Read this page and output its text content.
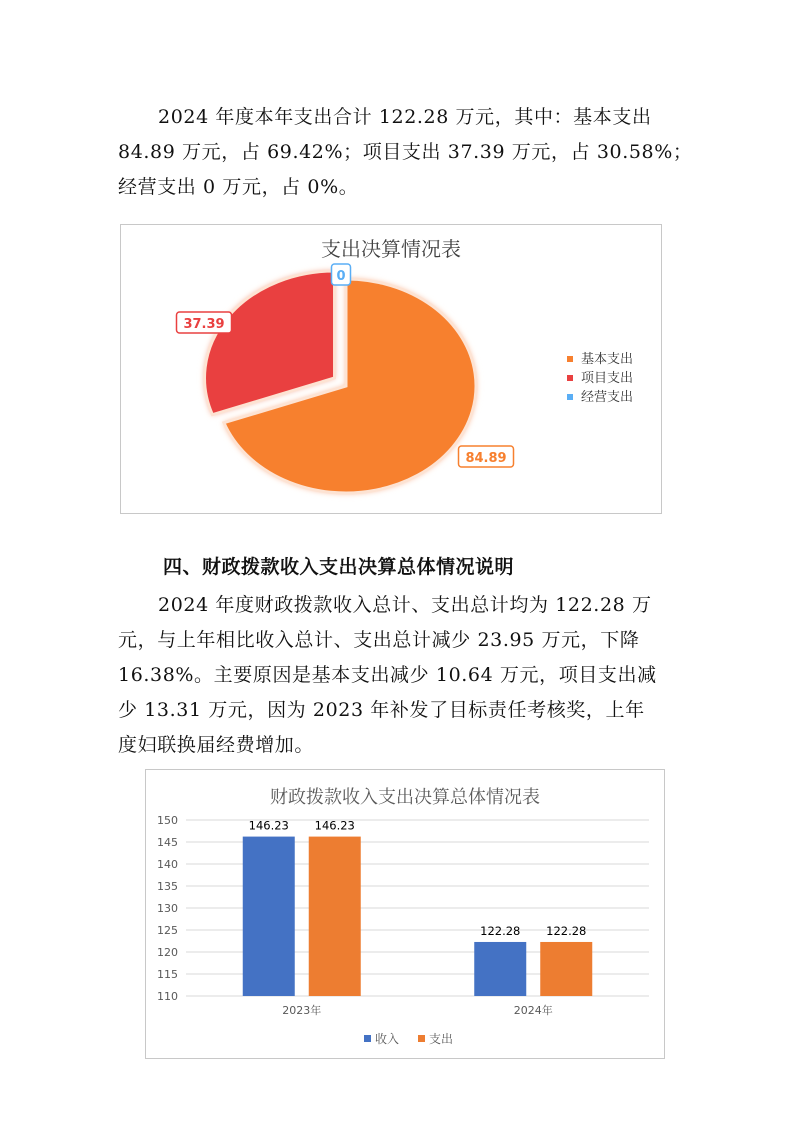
2024 年度本年支出合计 122.28 万元，其中：基本支出
84.89 万元，占 69.42%；项目支出 37.39 万元，占 30.58%；
经营支出 0 万元，占 0%。
支出决算情况表
84.89
37.39
0
基本支出
项目支出
经营支出

四、财政拨款收入支出决算总体情况说明

2024 年度财政拨款收入总计、支出总计均为 122.28 万
元，与上年相比收入总计、支出总计减少 23.95 万元，下降
16.38%。主要原因是基本支出减少 10.64 万元，项目支出减
少 13.31 万元，因为 2023 年补发了目标责任考核奖，上年
度妇联换届经费增加。
财政拨款收入支出决算总体情况表
110
115
120
125
130
135
140
145
150	146.23 146.23
122.28 122.28
2023年	2024年
收入 支出
